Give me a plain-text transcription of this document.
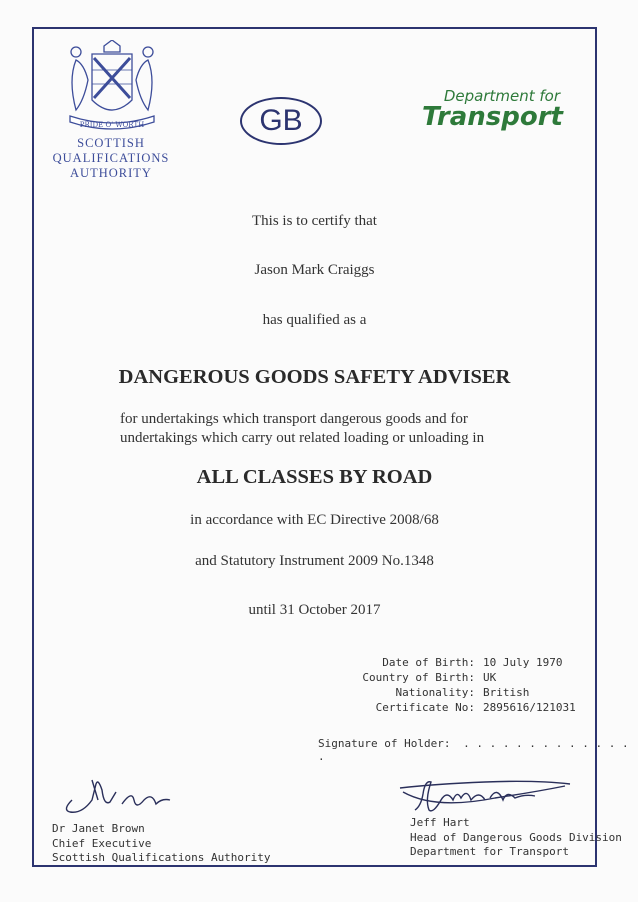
PRIDE O' WORTH
SCOTTISH
QUALIFICATIONS
AUTHORITY
GB
Department for
Transport
This is to certify that
Jason Mark Craiggs
has qualified as a
DANGEROUS GOODS SAFETY ADVISER
for undertakings which transport dangerous goods and for
undertakings which carry out related loading or unloading in
ALL CLASSES BY ROAD
in accordance with EC Directive 2008/68
and Statutory Instrument 2009 No.1348
until 31 October 2017
Date of Birth: 10 July 1970
Country of Birth: UK
Nationality: British
Certificate No: 2895616/121031
Signature of Holder: . . . . . . . . . . . . . .
Dr Janet Brown
Chief Executive
Scottish Qualifications Authority
Jeff Hart
Head of Dangerous Goods Division
Department for Transport
